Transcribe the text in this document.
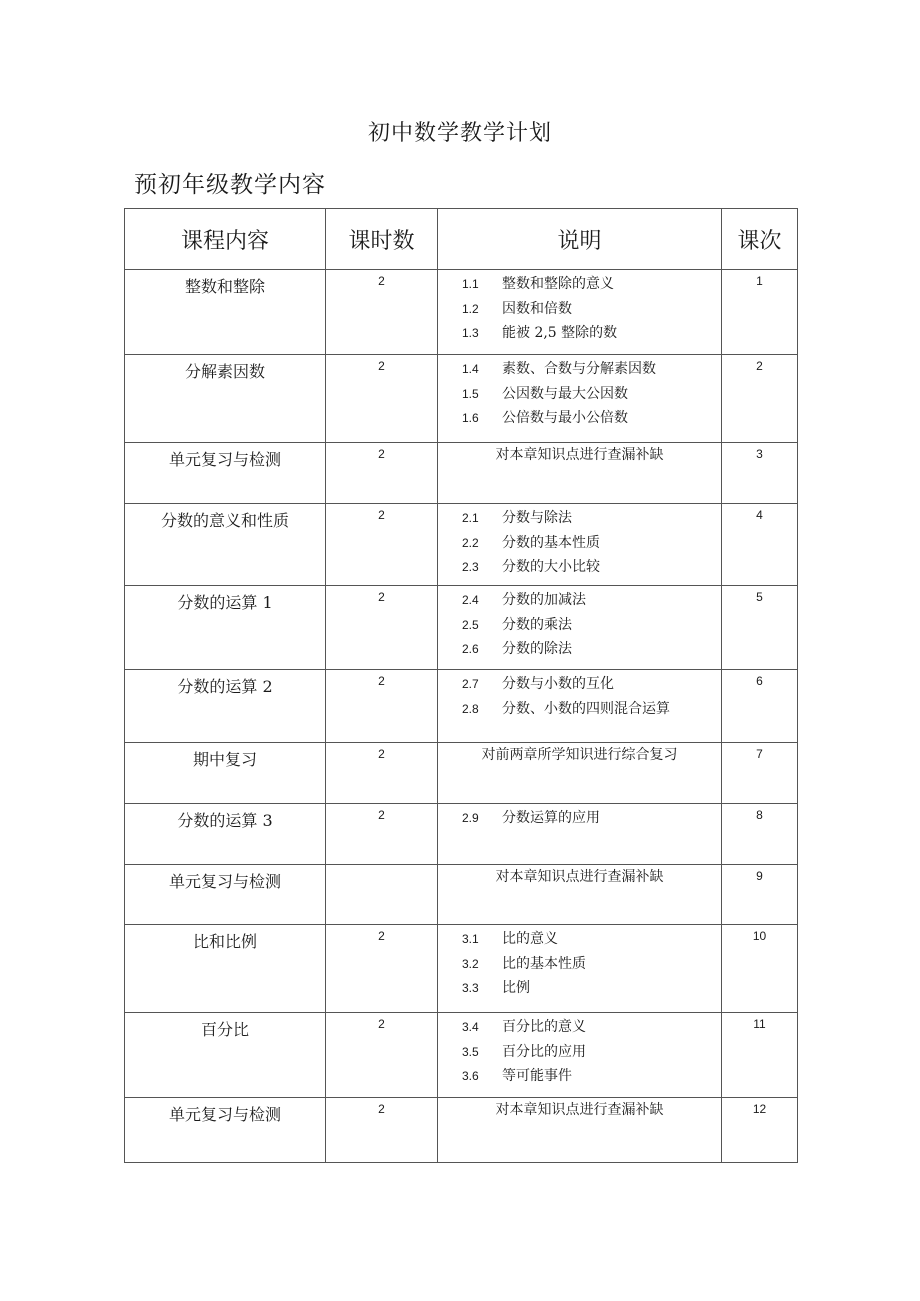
初中数学教学计划
预初年级教学内容
课程内容	课时数	说明	课次
整数和整除	2	1.1 整数和整除的意义
1.2 因数和倍数
1.3 能被 2,5 整除的数	1
分解素因数	2	1.4 素数、合数与分解素因数
1.5 公因数与最大公因数
1.6 公倍数与最小公倍数	2
单元复习与检测	2	对本章知识点进行查漏补缺	3
分数的意义和性质	2	2.1 分数与除法
2.2 分数的基本性质
2.3 分数的大小比较	4
分数的运算 1	2	2.4 分数的加减法
2.5 分数的乘法
2.6 分数的除法	5
分数的运算 2	2	2.7 分数与小数的互化
2.8 分数、小数的四则混合运算	6
期中复习	2	对前两章所学知识进行综合复习	7
分数的运算 3	2	2.9 分数运算的应用	8
单元复习与检测		对本章知识点进行查漏补缺	9
比和比例	2	3.1 比的意义
3.2 比的基本性质
3.3 比例	10
百分比	2	3.4 百分比的意义
3.5 百分比的应用
3.6 等可能事件	11
单元复习与检测	2	对本章知识点进行查漏补缺	12
